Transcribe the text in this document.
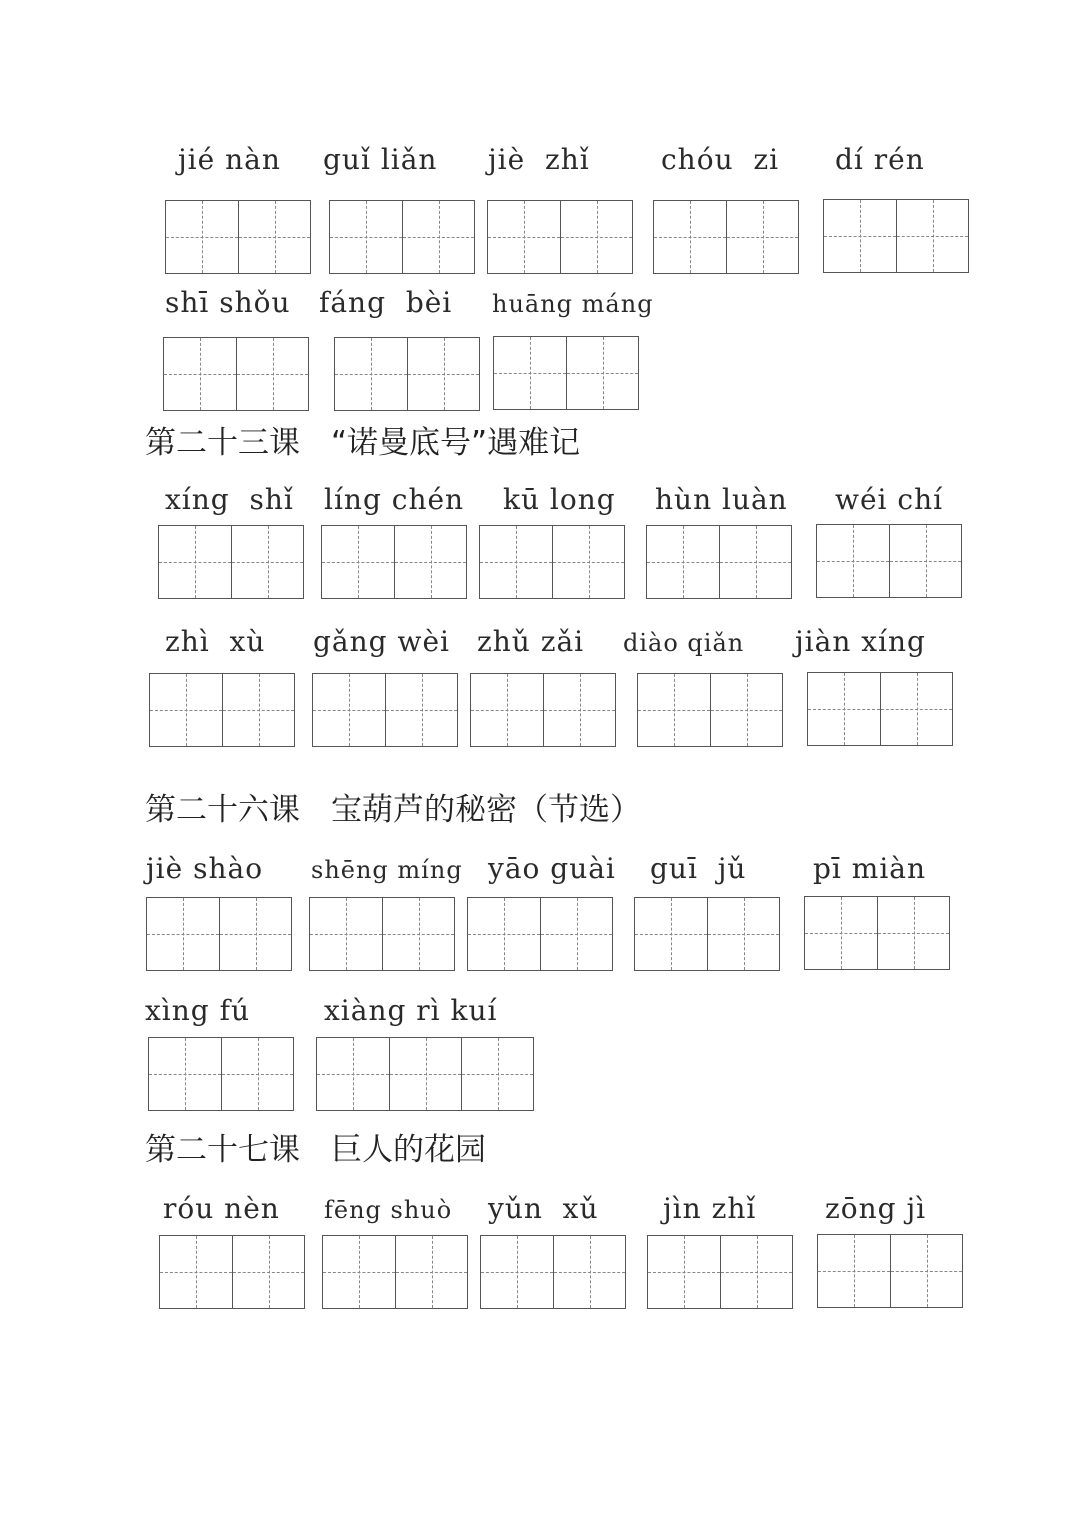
jié nàn guǐ liǎn jiè  zhǐ	chóu  zi dí rén
shī shǒu fáng  bèi huāng máng
第二十三课　“诺曼底号”遇难记
xíng  shǐ líng chén kū long hùn luàn wéi chí
zhì  xù gǎng wèi zhǔ zǎi diào qiǎn jiàn xíng
第二十六课　宝葫芦的秘密（节选）
jiè shào shēng míng yāo guài guī  jǔ pī miàn
xìng fú	xiàng rì kuí
第二十七课　巨人的花园
róu nèn fēng shuò yǔn  xǔ jìn zhǐ zōng jì
